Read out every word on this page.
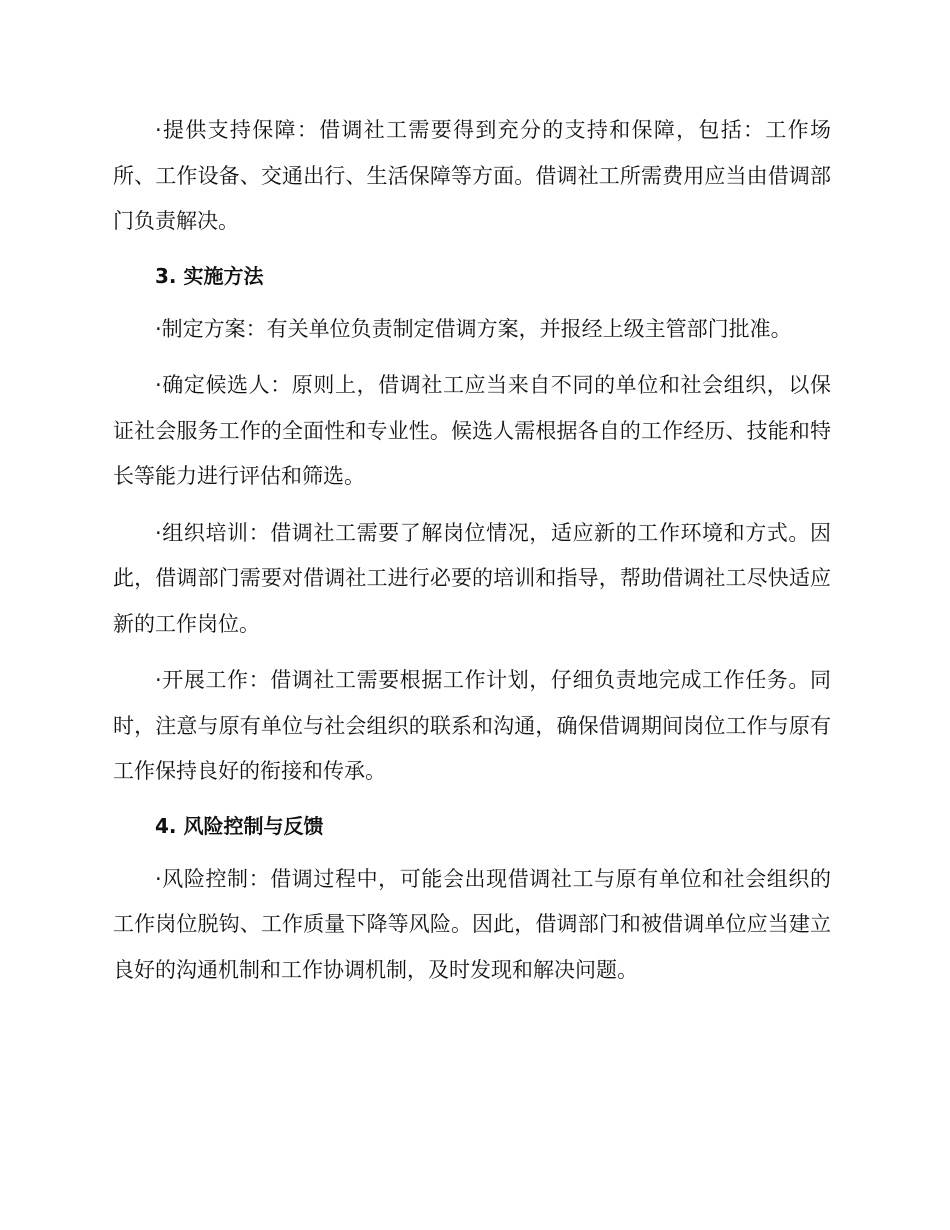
·提供支持保障：借调社工需要得到充分的支持和保障，包括：工作场所、工作设备、交通出行、生活保障等方面。借调社工所需费用应当由借调部门负责解决。

3. 实施方法

·制定方案：有关单位负责制定借调方案，并报经上级主管部门批准。

·确定候选人：原则上，借调社工应当来自不同的单位和社会组织，以保证社会服务工作的全面性和专业性。候选人需根据各自的工作经历、技能和特长等能力进行评估和筛选。

·组织培训：借调社工需要了解岗位情况，适应新的工作环境和方式。因此，借调部门需要对借调社工进行必要的培训和指导，帮助借调社工尽快适应新的工作岗位。

·开展工作：借调社工需要根据工作计划，仔细负责地完成工作任务。同时，注意与原有单位与社会组织的联系和沟通，确保借调期间岗位工作与原有工作保持良好的衔接和传承。

4. 风险控制与反馈

·风险控制：借调过程中，可能会出现借调社工与原有单位和社会组织的工作岗位脱钩、工作质量下降等风险。因此，借调部门和被借调单位应当建立良好的沟通机制和工作协调机制，及时发现和解决问题。
